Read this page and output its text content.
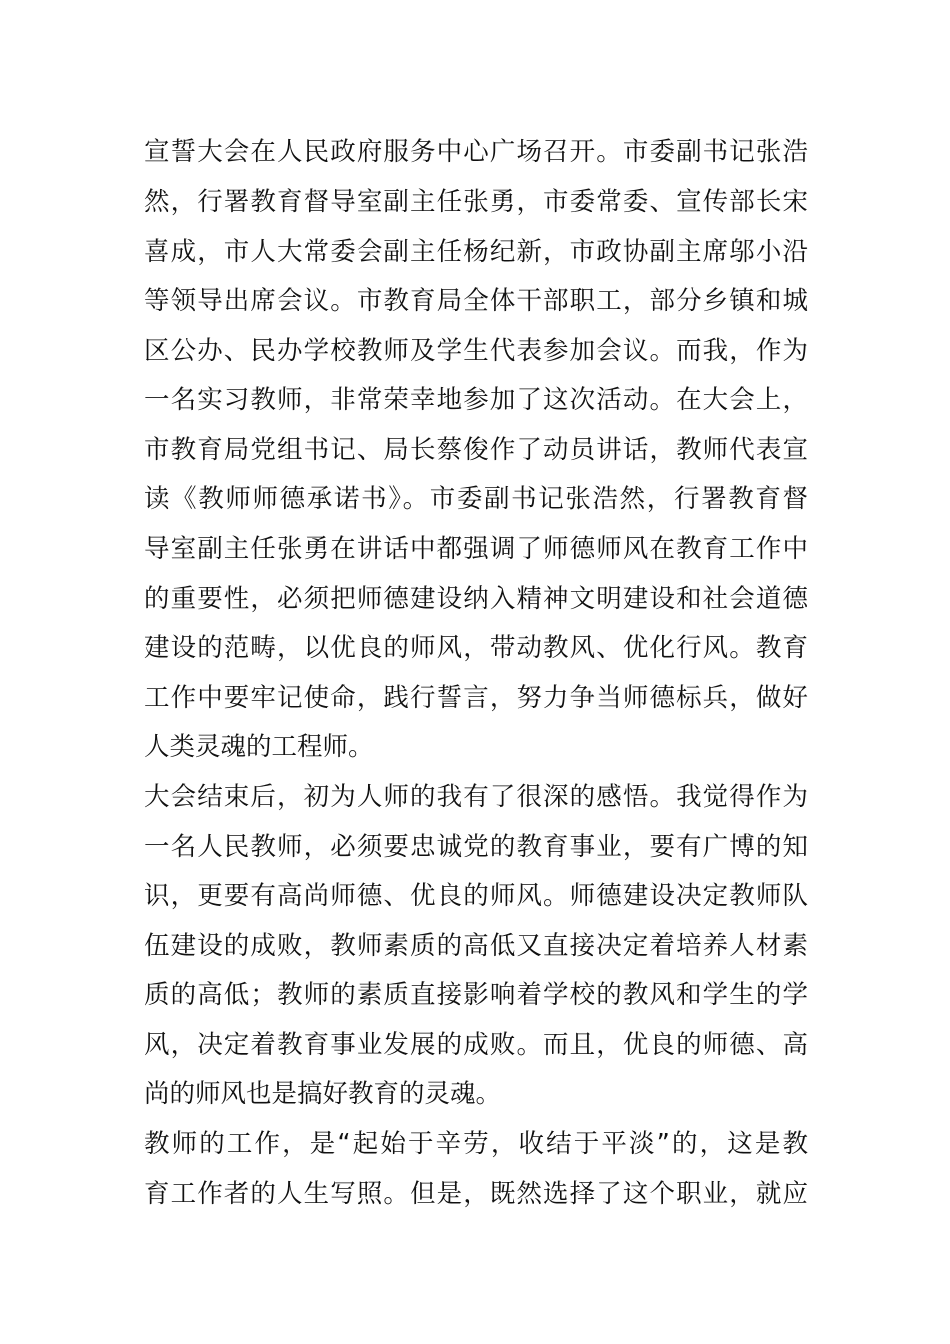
宣誓大会在人民政府服务中心广场召开。市委副书记张浩
然，行署教育督导室副主任张勇，市委常委、宣传部长宋
喜成，市人大常委会副主任杨纪新，市政协副主席邬小沿
等领导出席会议。市教育局全体干部职工，部分乡镇和城
区公办、民办学校教师及学生代表参加会议。而我，作为
一名实习教师，非常荣幸地参加了这次活动。在大会上，
市教育局党组书记、局长蔡俊作了动员讲话，教师代表宣
读《教师师德承诺书》。市委副书记张浩然，行署教育督
导室副主任张勇在讲话中都强调了师德师风在教育工作中
的重要性，必须把师德建设纳入精神文明建设和社会道德
建设的范畴，以优良的师风，带动教风、优化行风。教育
工作中要牢记使命，践行誓言，努力争当师德标兵，做好
人类灵魂的工程师。
大会结束后，初为人师的我有了很深的感悟。我觉得作为
一名人民教师，必须要忠诚党的教育事业，要有广博的知
识，更要有高尚师德、优良的师风。师德建设决定教师队
伍建设的成败，教师素质的高低又直接决定着培养人材素
质的高低；教师的素质直接影响着学校的教风和学生的学
风，决定着教育事业发展的成败。而且，优良的师德、高
尚的师风也是搞好教育的灵魂。
教师的工作，是“起始于辛劳，收结于平淡”的，这是教
育工作者的人生写照。但是，既然选择了这个职业，就应
